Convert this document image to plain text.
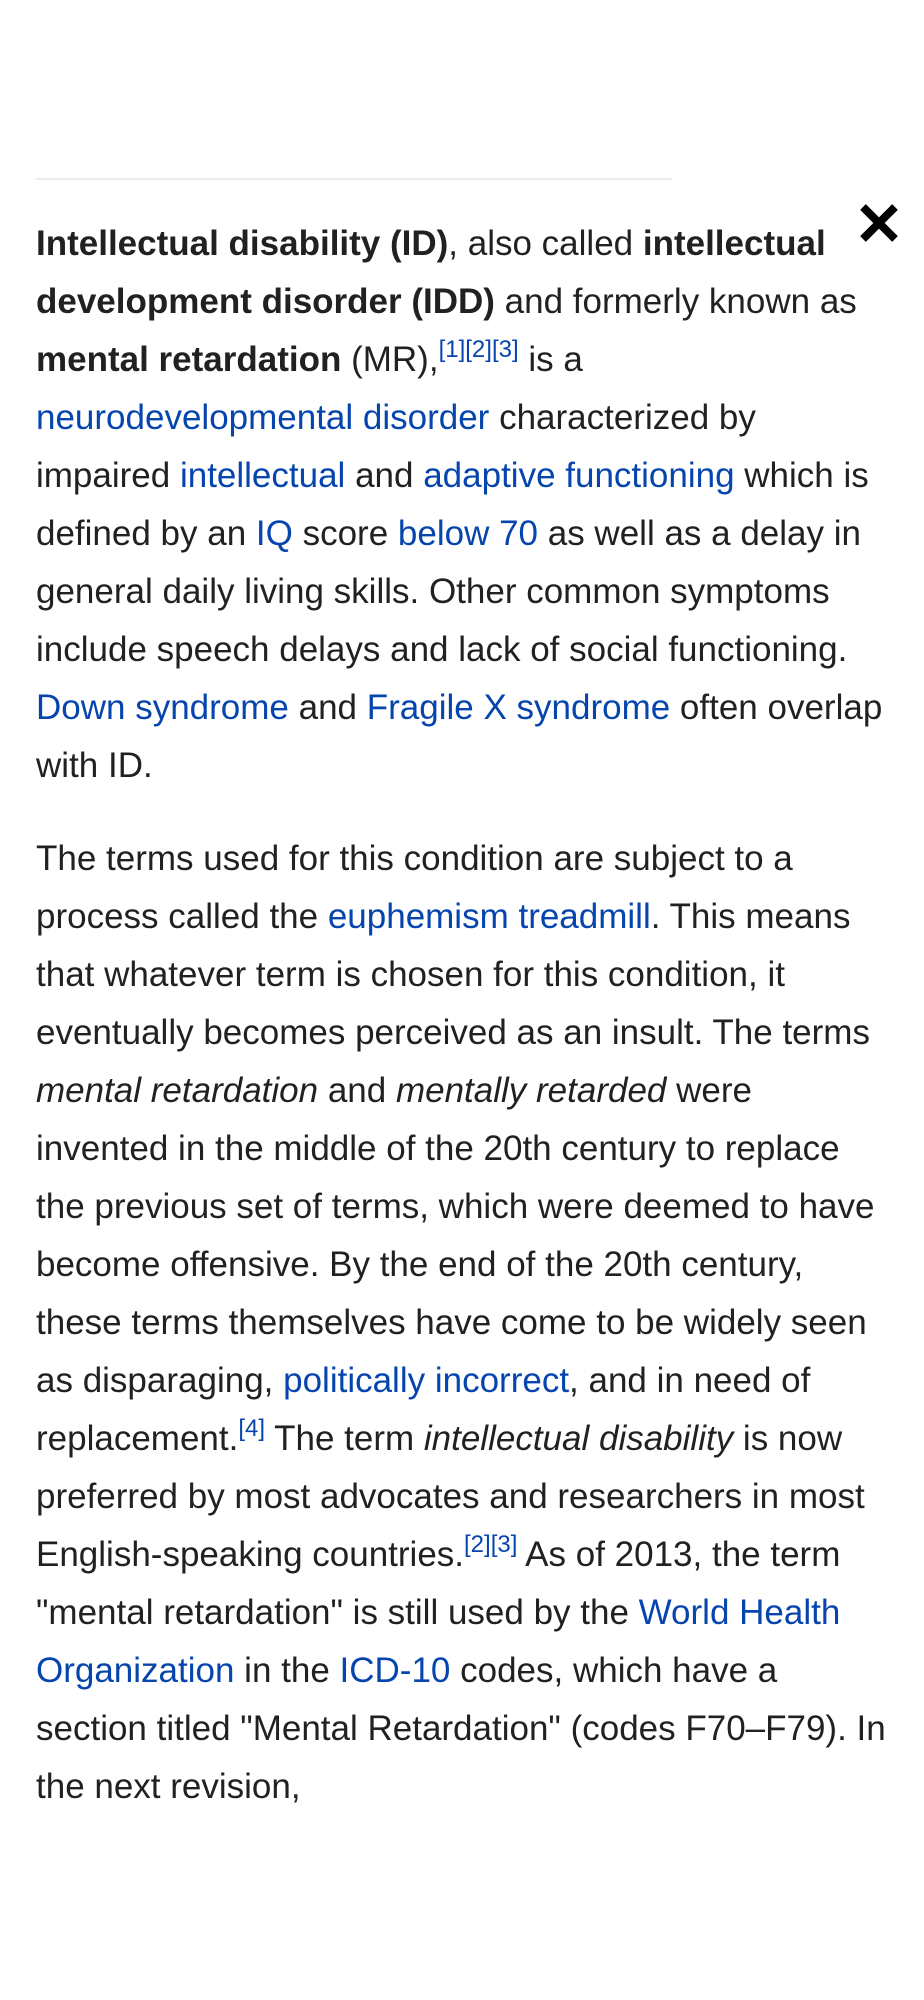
Intellectual disability (ID), also called intellectual development disorder (IDD) and formerly known as mental retardation (MR),[1][2][3] is a neurodevelopmental disorder characterized by impaired intellectual and adaptive functioning which is defined by an IQ score below 70 as well as a delay in general daily living skills. Other common symptoms include speech delays and lack of social functioning. Down syndrome and Fragile X syndrome often overlap with ID.

The terms used for this condition are subject to a process called the euphemism treadmill. This means that whatever term is chosen for this condition, it eventually becomes perceived as an insult. The terms mental retardation and mentally retarded were invented in the middle of the 20th century to replace the previous set of terms, which were deemed to have become offensive. By the end of the 20th century, these terms themselves have come to be widely seen as disparaging, politically incorrect, and in need of replacement.[4] The term intellectual disability is now preferred by most advocates and researchers in most English-speaking countries.[2][3] As of 2013, the term "mental retardation" is still used by the World Health Organization in the ICD-10 codes, which have a section titled "Mental Retardation" (codes F70–F79). In the next revision,
